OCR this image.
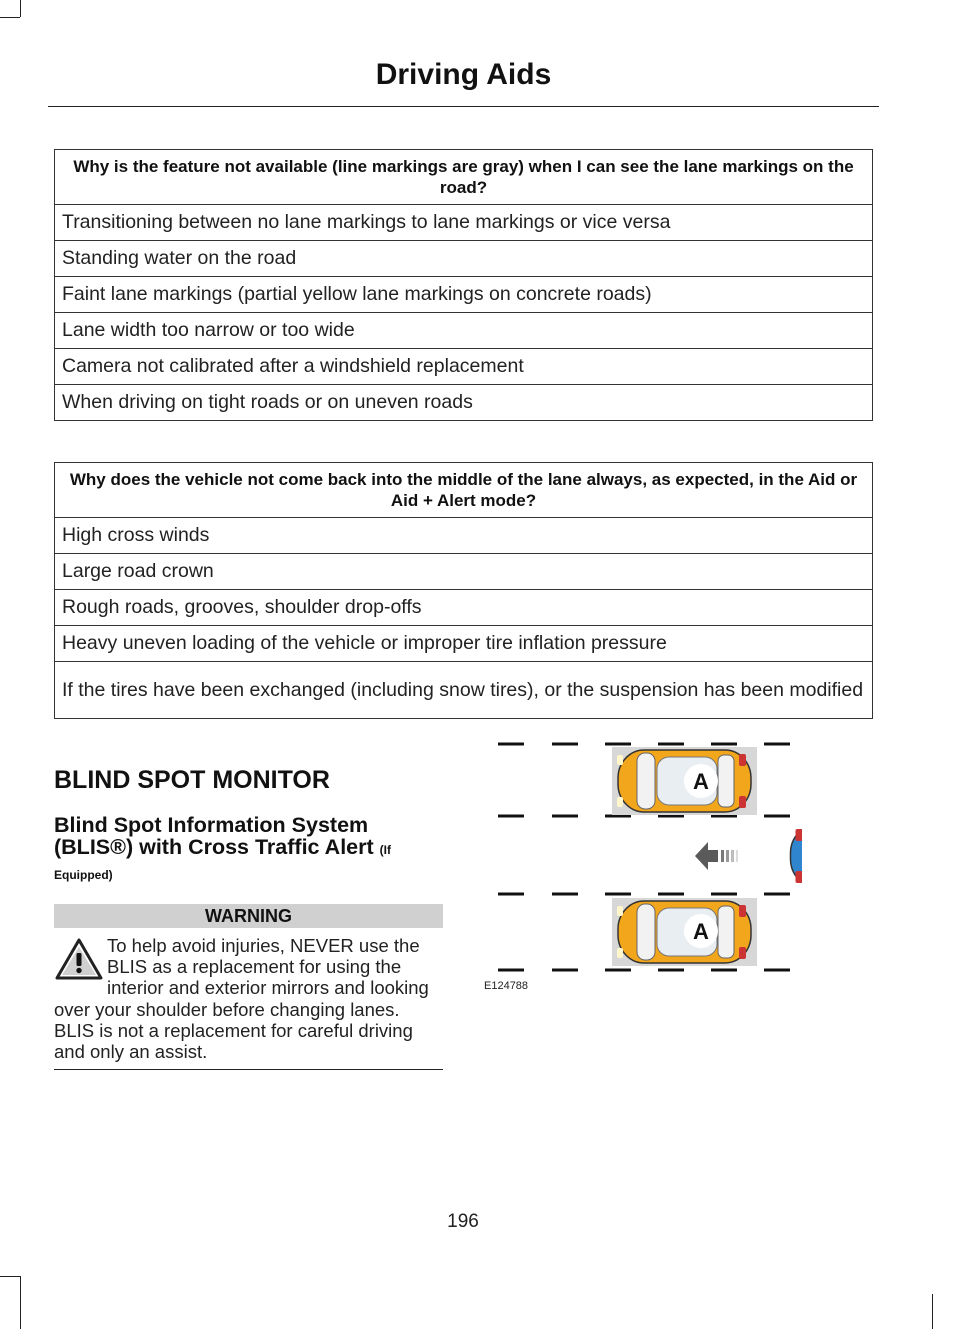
Driving Aids
Why is the feature not available (line markings are gray) when I can see the lane markings on the road?
Transitioning between no lane markings to lane markings or vice versa
Standing water on the road
Faint lane markings (partial yellow lane markings on concrete roads)
Lane width too narrow or too wide
Camera not calibrated after a windshield replacement
When driving on tight roads or on uneven roads
Why does the vehicle not come back into the middle of the lane always, as expected, in the Aid or Aid + Alert mode?
High cross winds
Large road crown
Rough roads, grooves, shoulder drop-offs
Heavy uneven loading of the vehicle or improper tire inflation pressure
If the tires have been exchanged (including snow tires), or the suspension has been modified
BLIND SPOT MONITOR
Blind Spot Information System (BLIS®) with Cross Traffic Alert (If Equipped)
WARNING
To help avoid injuries, NEVER use the BLIS as a replacement for using the interior and exterior mirrors and looking over your shoulder before changing lanes. BLIS is not a replacement for careful driving and only an assist.
A
A
E124788
196
